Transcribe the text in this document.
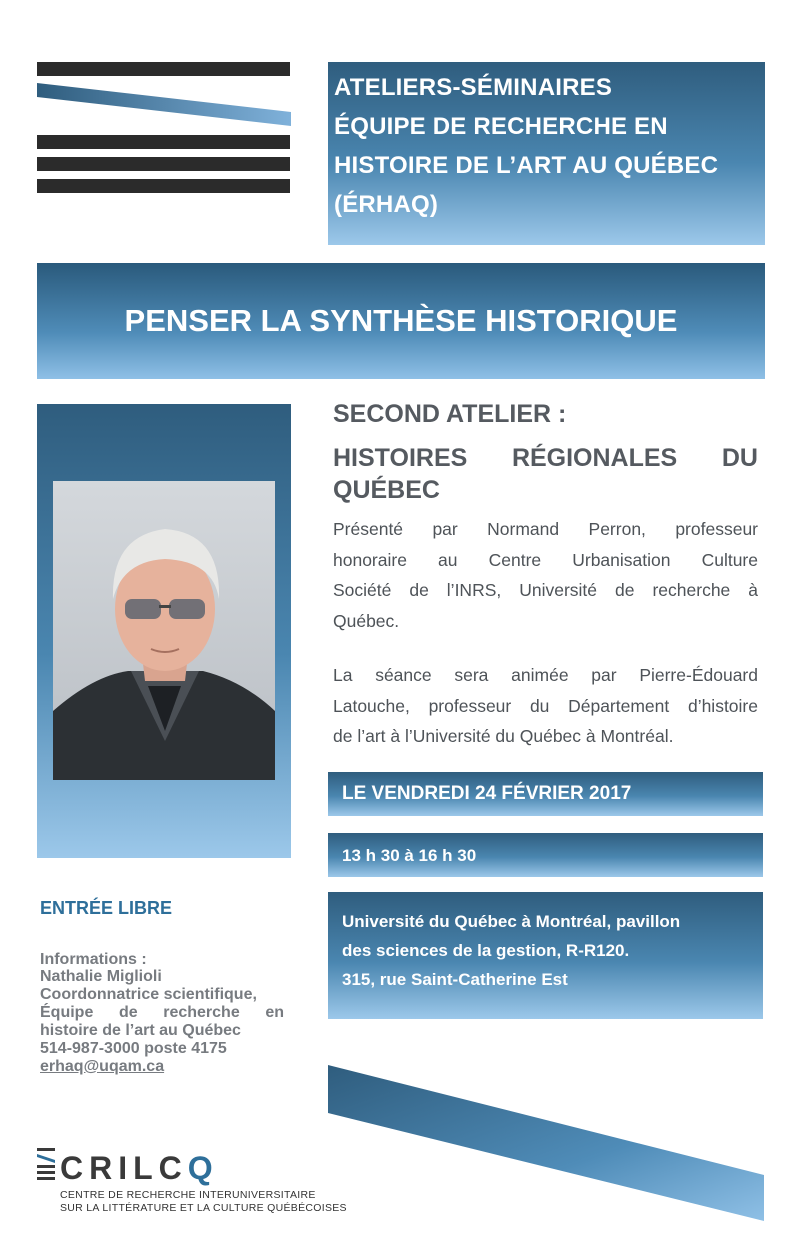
ATELIERS-SÉMINAIRES
ÉQUIPE DE RECHERCHE EN
HISTOIRE DE L’ART AU QUÉBEC
(ÉRHAQ)
PENSER LA SYNTHÈSE HISTORIQUE
SECOND ATELIER :
HISTOIRES RÉGIONALES DU
QUÉBEC
Présenté par Normand Perron, professeur
honoraire au Centre Urbanisation Culture
Société de l’INRS, Université de recherche à
Québec.
La séance sera animée par Pierre-Édouard
Latouche, professeur du Département d’histoire
de l’art à l’Université du Québec à Montréal.
LE VENDREDI 24 FÉVRIER 2017
13 h 30 à 16 h 30
Université du Québec à Montréal, pavillon
des sciences de la gestion, R-R120.
315, rue Saint-Catherine Est
ENTRÉE LIBRE
Informations :
Nathalie Miglioli
Coordonnatrice scientifique,
Équipe de recherche en
histoire de l’art au Québec
514-987-3000 poste 4175
erhaq@uqam.ca
CRILCQ
CENTRE DE RECHERCHE INTERUNIVERSITAIRE
SUR LA LITTÉRATURE ET LA CULTURE QUÉBÉCOISES
